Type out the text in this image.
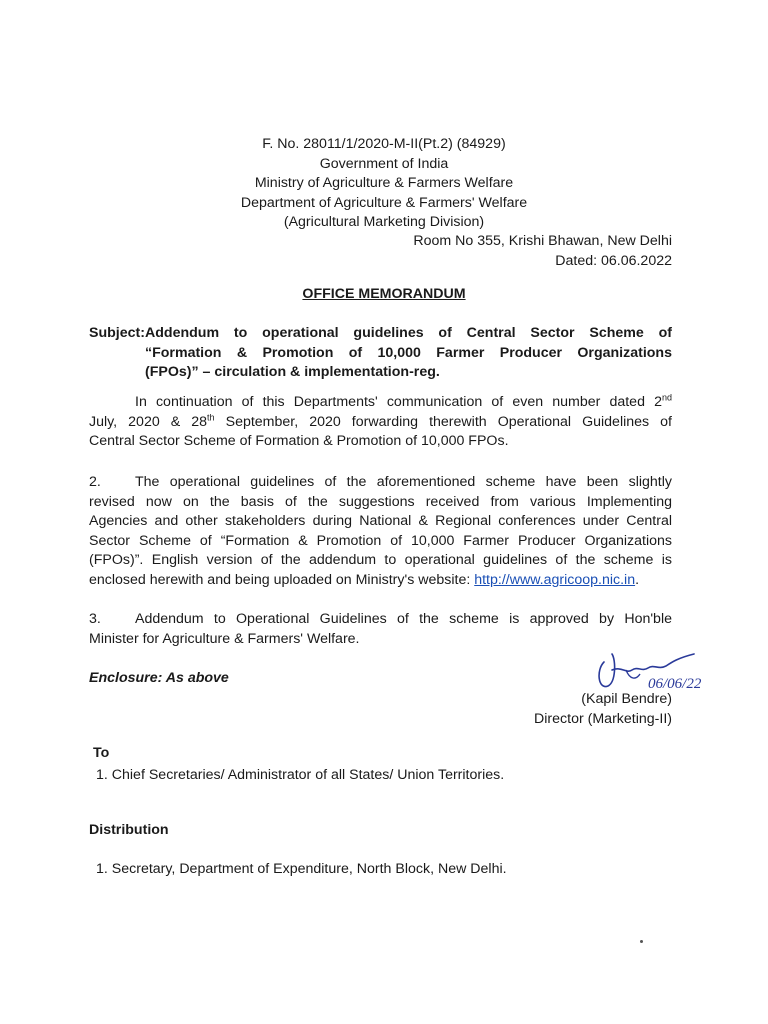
F. No. 28011/1/2020-M-II(Pt.2) (84929)
Government of India
Ministry of Agriculture & Farmers Welfare
Department of Agriculture & Farmers' Welfare
(Agricultural Marketing Division)
Room No 355, Krishi Bhawan, New Delhi
Dated: 06.06.2022
OFFICE MEMORANDUM
Subject:Addendum to operational guidelines of Central Sector Scheme of
“Formation & Promotion of 10,000 Farmer Producer Organizations
(FPOs)” – circulation & implementation-reg.
In continuation of this Departments' communication of even number dated 2nd
July, 2020 & 28th September, 2020 forwarding therewith Operational Guidelines of
Central Sector Scheme of Formation & Promotion of 10,000 FPOs.
2. The operational guidelines of the aforementioned scheme have been slightly
revised now on the basis of the suggestions received from various Implementing
Agencies and other stakeholders during National & Regional conferences under Central
Sector Scheme of “Formation & Promotion of 10,000 Farmer Producer Organizations
(FPOs)”. English version of the addendum to operational guidelines of the scheme is
enclosed herewith and being uploaded on Ministry's website: http://www.agricoop.nic.in.
3. Addendum to Operational Guidelines of the scheme is approved by Hon'ble
Minister for Agriculture & Farmers' Welfare.
Enclosure: As above	06/06/22
(Kapil Bendre)
Director (Marketing-II)
To
1. Chief Secretaries/ Administrator of all States/ Union Territories.
Distribution
1. Secretary, Department of Expenditure, North Block, New Delhi.
